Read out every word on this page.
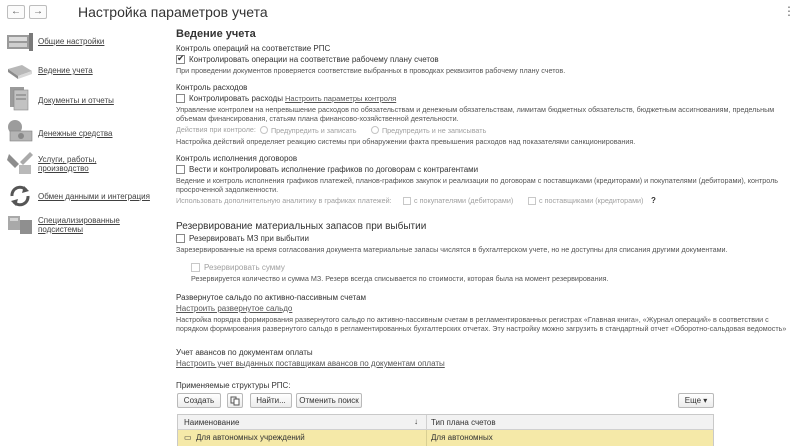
←	→	Настройка параметров учета	⋮
Общие настройки
Ведение учета
Документы и отчеты
Денежные средства
Услуги, работы, производство
Обмен данными и интеграция
Специализированные подсистемы
Ведение учета
Контроль операций на соответствие РПС
✔
Контролировать операции на соответствие рабочему плану счетов
При проведении документов проверяется соответствие выбранных в проводках реквизитов рабочему плану счетов.
Контроль расходов
Контролировать расходы Настроить параметры контроля
Управление контролем на непревышение расходов по обязательствам и денежным обязательствам, лимитам бюджетных обязательств, бюджетным ассигнованиям, предельным объемам финансирования, статьям плана финансово-хозяйственной деятельности.
Действия при контроле:	Предупредить и записать	Предупредить и не записывать
Настройка действий определяет реакцию системы при обнаружении факта превышения расходов над показателями санкционирования.
Контроль исполнения договоров
Вести и контролировать исполнение графиков по договорам с контрагентами
Ведение и контроль исполнения графиков платежей, планов-графиков закупок и реализации по договорам с поставщиками (кредиторами) и покупателями (дебиторами), контроль просроченной задолженности.
Использовать дополнительную аналитику в графиках платежей:	с покупателями (дебиторами)	с поставщиками (кредиторами) ?
Резервирование материальных запасов при выбытии
Резервировать МЗ при выбытии
Зарезервированные на время согласования документа материальные запасы числятся в бухгалтерском учете, но не доступны для списания другими документами.
Резервировать сумму
Резервируется количество и сумма МЗ. Резерв всегда списывается по стоимости, которая была на момент резервирования.
Развернутое сальдо по активно-пассивным счетам
Настроить развернутое сальдо
Настройка порядка формирования развернутого сальдо по активно-пассивным счетам в регламентированных регистрах «Главная книга», «Журнал операций» в соответствии с порядком формирования развернутого сальдо в регламентированных бухгалтерских отчетах. Эту настройку можно загрузить в стандартный отчет «Оборотно-сальдовая ведомость»
Учет авансов по документам оплаты
Настроить учет выданных поставщикам авансов по документам оплаты
Применяемые структуры РПС:
Создать	Найти...	Отменить поиск	Еще ▾
Наименование	↓ Тип плана счетов
▭ Для автономных учреждений	Для автономных
